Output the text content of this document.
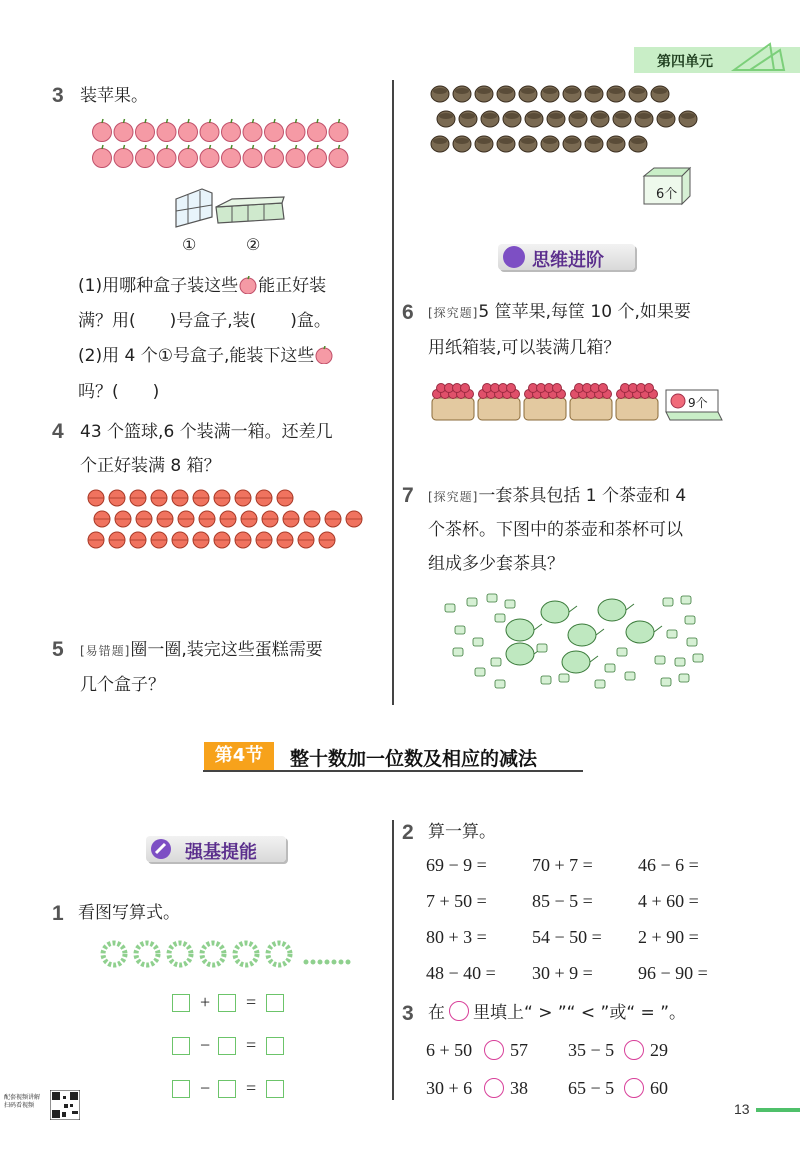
第四单元
3 装苹果。
①	②
(1)用哪种盒子装这些 能正好装
满？用(　　)号盒子,装(　　)盒。
(2)用 4 个①号盒子,能装下这些
吗？(　　)
4 43 个篮球,6 个装满一箱。还差几
个正好装满 8 箱？
5 [易错题]圈一圈,装完这些蛋糕需要
几个盒子？
6个
思维进阶
6 [探究题]5 筐苹果,每筐 10 个,如果要
用纸箱装,可以装满几箱？
9个
7 [探究题]一套茶具包括 1 个茶壶和 4
个茶杯。下图中的茶壶和茶杯可以
组成多少套茶具？
第4节	整十数加一位数及相应的减法
强基提能
1 看图写算式。
+ =
− =
− =
2 算一算。
69 − 9 =	70 + 7 =	46 − 6 =
7 + 50 =	85 − 5 =	4 + 60 =
80 + 3 =	54 − 50 = 2 + 90 =
48 − 40 = 30 + 9 =	96 − 90 =
3 在 里填上“ > ”“ < ”或“ = ”。
6 + 50 57 35 − 5 29
30 + 6 38 65 − 5 60
配套视频讲解
扫码看视频	13
